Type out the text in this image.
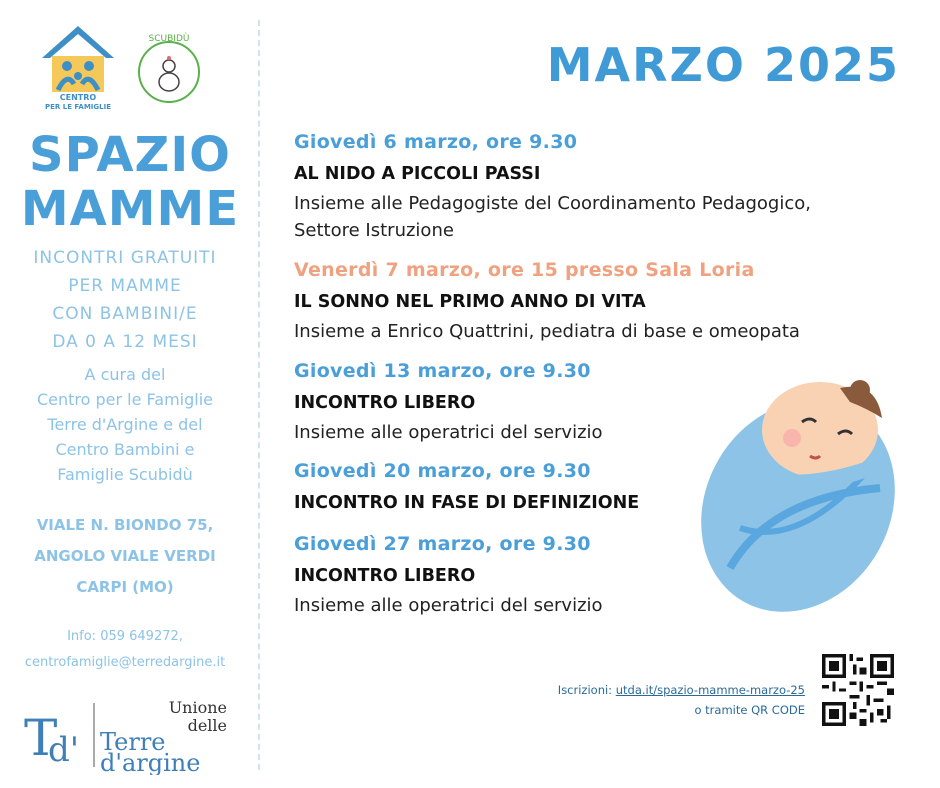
CENTRO
PER LE FAMIGLIE
SCUBIDÙ
SPAZIO
MAMME
INCONTRI GRATUITI
PER MAMME
CON BAMBINI/E
DA 0 A 12 MESI
A cura del
Centro per le Famiglie
Terre d'Argine e del
Centro Bambini e
Famiglie Scubidù
VIALE N. BIONDO 75,
ANGOLO VIALE VERDI
CARPI (MO)
Info: 059 649272,
centrofamiglie@terredargine.it
T
d'
Unione
delle
Terre
d'argine
MARZO 2025
Giovedì 6 marzo, ore 9.30
AL NIDO A PICCOLI PASSI
Insieme alle Pedagogiste del Coordinamento Pedagogico,
Settore Istruzione
Venerdì 7 marzo, ore 15 presso Sala Loria
IL SONNO NEL PRIMO ANNO DI VITA
Insieme a Enrico Quattrini, pediatra di base e omeopata
Giovedì 13 marzo, ore 9.30
INCONTRO LIBERO
Insieme alle operatrici del servizio
Giovedì 20 marzo, ore 9.30
INCONTRO IN FASE DI DEFINIZIONE
Giovedì 27 marzo, ore 9.30
INCONTRO LIBERO
Insieme alle operatrici del servizio
Iscrizioni: utda.it/spazio-mamme-marzo-25
o tramite QR CODE
